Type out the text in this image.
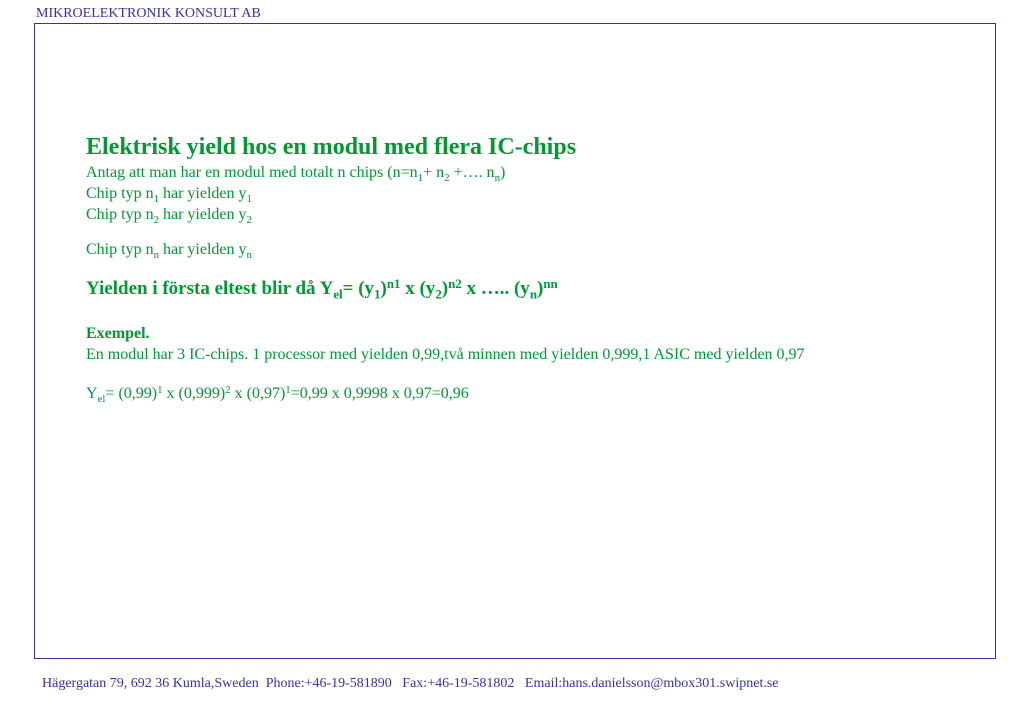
MIKROELEKTRONIK KONSULT AB
Elektrisk yield hos en modul med flera IC-chips
Antag att man har en modul med totalt n chips ($n=n_1+ n_2$ +…. $n_n$)
Chip typ $n_1$ har yielden $y_1$
Chip typ $n_2$ har yielden $y_2$
Chip typ $n_n$ har yielden $y_n$
Yielden i första eltest blir då $Y_{el}= (y_1)^{n1}$ x $(y_2)^{n2}$ x ….. $(y_n)^{nn}$
Exempel.
En modul har 3 IC-chips. 1 processor med yielden 0,99,två minnen med yielden 0,999,1 ASIC med yielden 0,97
$Y_{el}= (0,99)^1$ x $(0,999)^2$ x $(0,97)^1=0,99$ x 0,9998 x 0,97=0,96
Hägergatan 79, 692 36 Kumla,Sweden  Phone:+46-19-581890   Fax:+46-19-581802   Email:hans.danielsson@mbox301.swipnet.se
